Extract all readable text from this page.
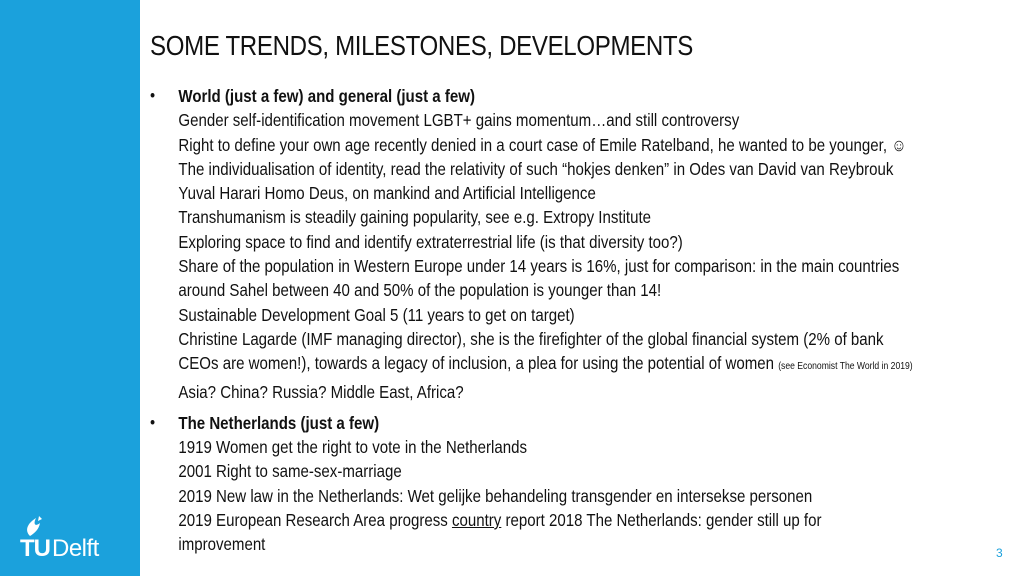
TU Delft
SOME TRENDS, MILESTONES, DEVELOPMENTS
• World (just a few) and general (just a few)
Gender self-identification movement LGBT+ gains momentum…and still controversy
Right to define your own age recently denied in a court case of Emile Ratelband, he wanted to be younger, ☺
The individualisation of identity, read the relativity of such “hokjes denken” in Odes van David van Reybrouk
Yuval Harari Homo Deus, on mankind and Artificial Intelligence
Transhumanism is steadily gaining popularity, see e.g. Extropy Institute
Exploring space to find and identify extraterrestrial life (is that diversity too?)
Share of the population in Western Europe under 14 years is 16%, just for comparison: in the main countries
around Sahel between 40 and 50% of the population is younger than 14!
Sustainable Development Goal 5 (11 years to get on target)
Christine Lagarde (IMF managing director), she is the firefighter of the global financial system (2% of bank
CEOs are women!), towards a legacy of inclusion, a plea for using the potential of women (see Economist The World in 2019)
Asia? China? Russia? Middle East, Africa?
• The Netherlands (just a few)
1919 Women get the right to vote in the Netherlands
2001 Right to same-sex-marriage
2019 New law in the Netherlands: Wet gelijke behandeling transgender en intersekse personen
2019 European Research Area progress country report 2018 The Netherlands: gender still up for
improvement	3
